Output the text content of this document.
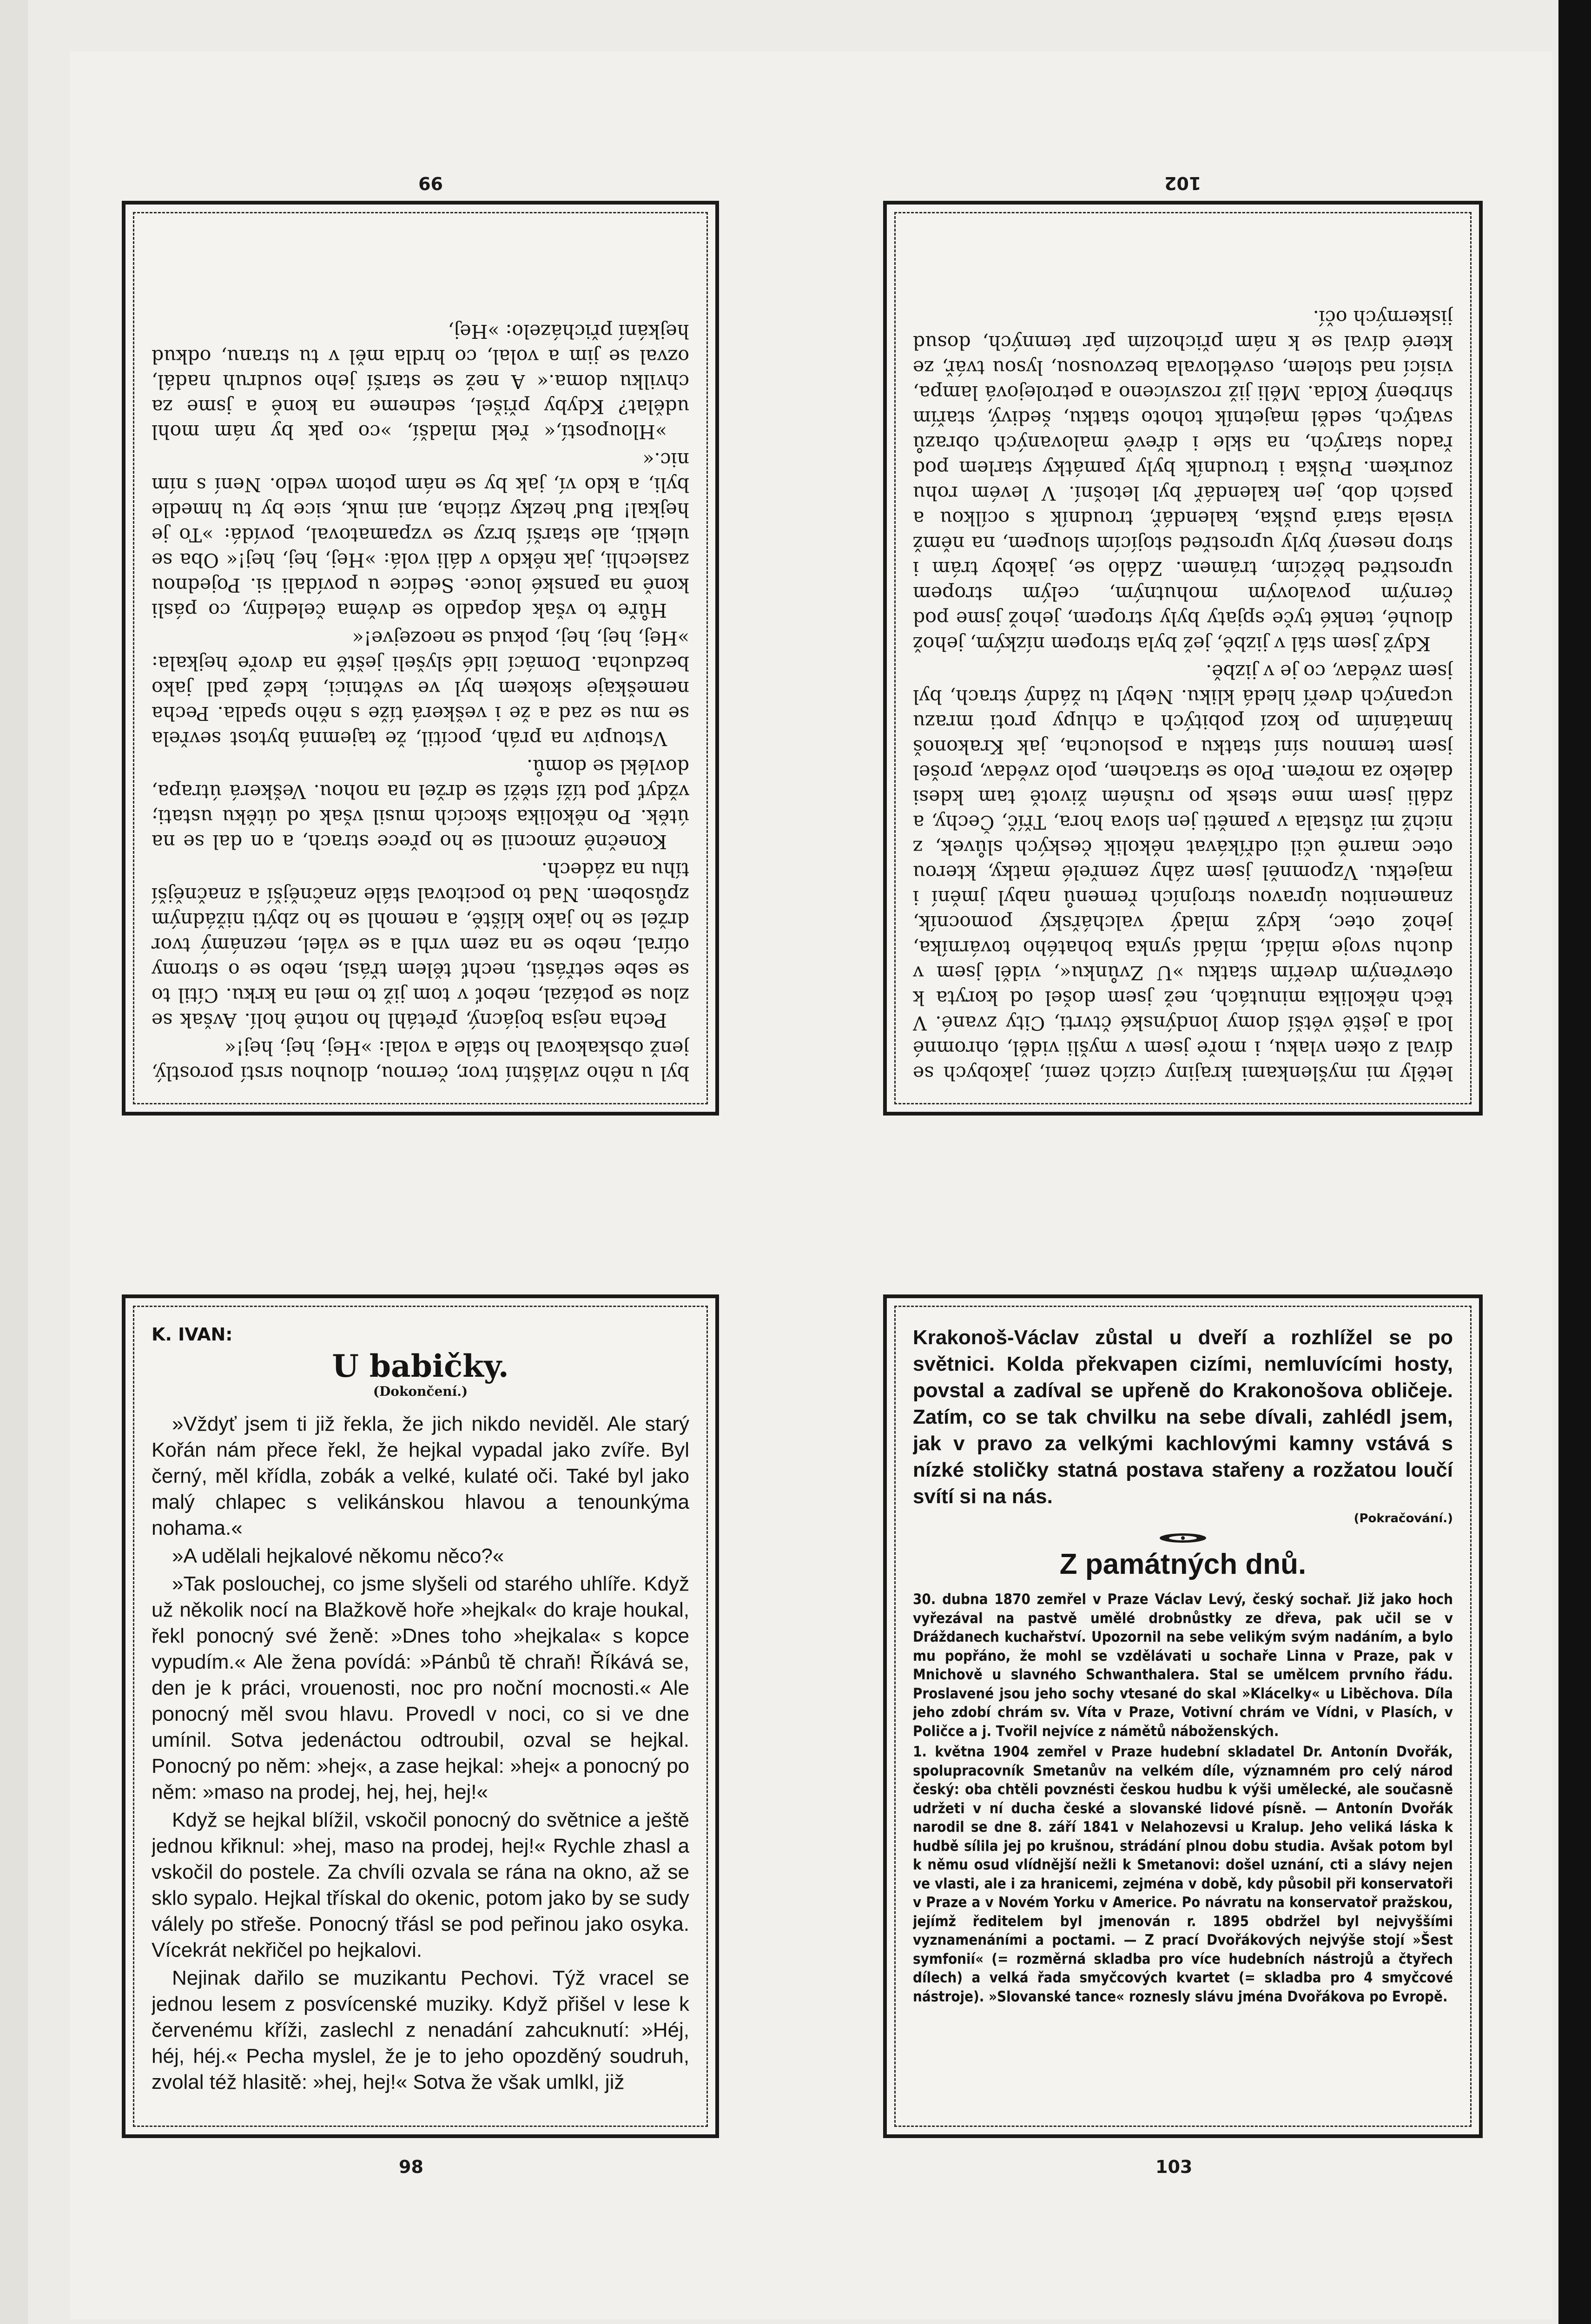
99	102
98	103

byl u něho zvláštní tvor, černou, dlouhou srstí porostlý, jenž obskakoval ho stále a volal: »Hej, hej, hej!«

Pecha nejsa bojácný, přetáhl ho notně holí. Avšak se zlou se potázal, neboť v tom již to mel na krku. Cítil to se sebe setřásti, nechť tělem třásl, nebo se o stromy otíral, nebo se na zem vrhl a se válel, neznámý tvor držel se ho jako klíště, a nemohl se ho zbýti nižádným způsobem. Nad to pocitoval stále značnější a značnější tíhu na zádech.

Konečně zmocnil se ho přece strach, a on dal se na útěk. Po několika skocích musil však od útěku ustati; vždyť pod tíží stěží se držel na nohou. Veškerá útrapa, dovlékl se domů.

Vstoupiv na práh, pocítil, že tajemná bytost sevřela se mu se zad a že i veškerá tíže s něho spadla. Pecha nemeškaje skokem byl ve světnici, kdež padl jako bezducha. Domácí lidé slyšeli ještě na dvoře hejkala: »Hej, hej, hej, pokud se neozejve!«

Hůře to však dopadlo se dvěma čeledíny, co pásli koně na panské louce. Sedíce u povídali si. Pojednou zaslechli, jak někdo v dáli volá: »Hej, hej, hej!« Oba se ulekli, ale starší brzy se vzpamatoval, povídá: »To je hejkal! Buď hezky zticha, ani muk, sice by tu hmedle byli, a kdo ví, jak by se nám potom vedlo. Není s ním nic.«

»Hloupostí,« řekl mladší, »co pak by nám mohl udělat? Kdyby přišel, sedneme na koně a jsme za chvilku doma.« A než se starší jeho soudruh nadál, ozval se jim a volal, co hrdla měl v tu stranu, odkud hejkání přicházelo: »Hej,

letěly mi myšlenkami krajiny cizích zemí, jakobych se díval z oken vlaku, i moře jsem v myšli viděl, ohromné lodi a ještě větší domy londýnské čtvrti, City zvané. V těch několika minutách, než jsem došel od koryta k otevřeným dveřím statku »U Zvůnku«, viděl jsem v duchu svoje mládí, mládí synka bohatého továrníka, jehož otec, když mladý valchářský pomocník, znamenitou úpravou strojních řemenů nabyl jmění i majetku. Vzpomněl jsem záhy zemřelé matky, kterou otec marně učil odříkávat několik českých slůvek, z nichž mi zůstala v paměti jen slova hora, Tříč, Čechy, a zdáli jsem mne stesk po rušném životě tam kdesi daleko za mořem. Polo se strachem, polo zvědav, prošel jsem temnou síní statku a posloucha, jak Krakonoš hmatáním po kozí pobitých a chlupy proti mrazu ucpaných dveří hledá kliku. Nebyl tu žádný strach, byl jsem zvědav, co je v jizbě.

Když jsem stál v jizbě, jež byla stropem nízkým, jehož dlouhé, tenké tyče spjaty byly stropem, jehož jsme pod černým povalovým mohutným, celým stropem uprostřed běžcím, trámem. Zdálo se, jakoby trám i strop nesený byly uprostřed stojícím sloupem, na němž visela stará puška, kalendář, troudník s ocílkou a pasích dob, jen kalendář byl letošní. V levém rohu zourkem. Puška i troudník byly památky starlem pod řadou starých, na skle i dřevě malovaných obrazů svatých, seděl majetník tohoto statku, šedivý, stařím shrbený Kolda. Měli již rozsvíceno a petrolejová lampa, visící nad stolem, osvětlovala bezvousou, lysou tvář, ze které díval se k nám přichozím pár temných, dosud jiskerných očí.

K. IVAN:
U babičky.
(Dokončení.)

»Vždyť jsem ti již řekla, že jich nikdo neviděl. Ale starý Kořán nám přece řekl, že hejkal vypadal jako zvíře. Byl černý, měl křídla, zobák a velké, kulaté oči. Také byl jako malý chlapec s velikánskou hlavou a tenounkýma nohama.«

»A udělali hejkalové někomu něco?«

»Tak poslouchej, co jsme slyšeli od starého uhlíře. Když už několik nocí na Blažkově hoře »hejkal« do kraje houkal, řekl ponocný své ženě: »Dnes toho »hejkala« s kopce vypudím.« Ale žena povídá: »Pánbů tě chraň! Říkává se, den je k práci, vrouenosti, noc pro noční mocnosti.« Ale ponocný měl svou hlavu. Provedl v noci, co si ve dne umínil. Sotva jedenáctou odtroubil, ozval se hejkal. Ponocný po něm: »hej«, a zase hejkal: »hej« a ponocný po něm: »maso na prodej, hej, hej, hej!«

Když se hejkal blížil, vskočil ponocný do světnice a ještě jednou křiknul: »hej, maso na prodej, hej!« Rychle zhasl a vskočil do postele. Za chvíli ozvala se rána na okno, až se sklo sypalo. Hejkal třískal do okenic, potom jako by se sudy válely po střeše. Ponocný třásl se pod peřinou jako osyka. Vícekrát nekřičel po hejkalovi.

Nejinak dařilo se muzikantu Pechovi. Týž vracel se jednou lesem z posvícenské muziky. Když přišel v lese k červenému kříži, zaslechl z nenadání zahcuknutí: »Héj, héj, héj.« Pecha myslel, že je to jeho opozděný soudruh, zvolal též hlasitě: »hej, hej!« Sotva že však umlkl, již

Krakonoš-Václav zůstal u dveří a rozhlížel se po světnici. Kolda překvapen cizími, nemluvícími hosty, povstal a zadíval se upřeně do Krakonošova obličeje. Zatím, co se tak chvilku na sebe dívali, zahlédl jsem, jak v pravo za velkými kachlovými kamny vstává s nízké stoličky statná postava stařeny a rozžatou loučí svítí si na nás.

(Pokračování.)
Z památných dnů.

30. dubna 1870 zemřel v Praze Václav Levý, český sochař. Již jako hoch vyřezával na pastvě umělé drobnůstky ze dřeva, pak učil se v Dráždanech kuchařství. Upozornil na sebe velikým svým nadáním, a bylo mu popřáno, že mohl se vzdělávati u sochaře Linna v Praze, pak v Mnichově u slavného Schwanthalera. Stal se umělcem prvního řádu. Proslavené jsou jeho sochy vtesané do skal »Klácelky« u Liběchova. Díla jeho zdobí chrám sv. Víta v Praze, Votivní chrám ve Vídni, v Plasích, v Poličce a j. Tvořil nejvíce z námětů náboženských.

1. května 1904 zemřel v Praze hudební skladatel Dr. Antonín Dvořák, spolupracovník Smetanův na velkém díle, významném pro celý národ český: oba chtěli povznésti českou hudbu k výši umělecké, ale současně udržeti v ní ducha české a slovanské lidové písně. — Antonín Dvořák narodil se dne 8. září 1841 v Nelahozevsi u Kralup. Jeho veliká láska k hudbě sílila jej po krušnou, strádání plnou dobu studia. Avšak potom byl k němu osud vlídnější nežli k Smetanovi: došel uznání, cti a slávy nejen ve vlasti, ale i za hranicemi, zejména v době, kdy působil při konservatoři v Praze a v Novém Yorku v Americe. Po návratu na konservatoř pražskou, jejímž ředitelem byl jmenován r. 1895 obdržel byl nejvyššími vyznamenáními a poctami. — Z prací Dvořákových nejvýše stojí »Šest symfonií« (= rozměrná skladba pro více hudebních nástrojů a čtyřech dílech) a velká řada smyčcových kvartet (= skladba pro 4 smyčcové nástroje). »Slovanské tance« roznesly slávu jména Dvořákova po Evropě.
